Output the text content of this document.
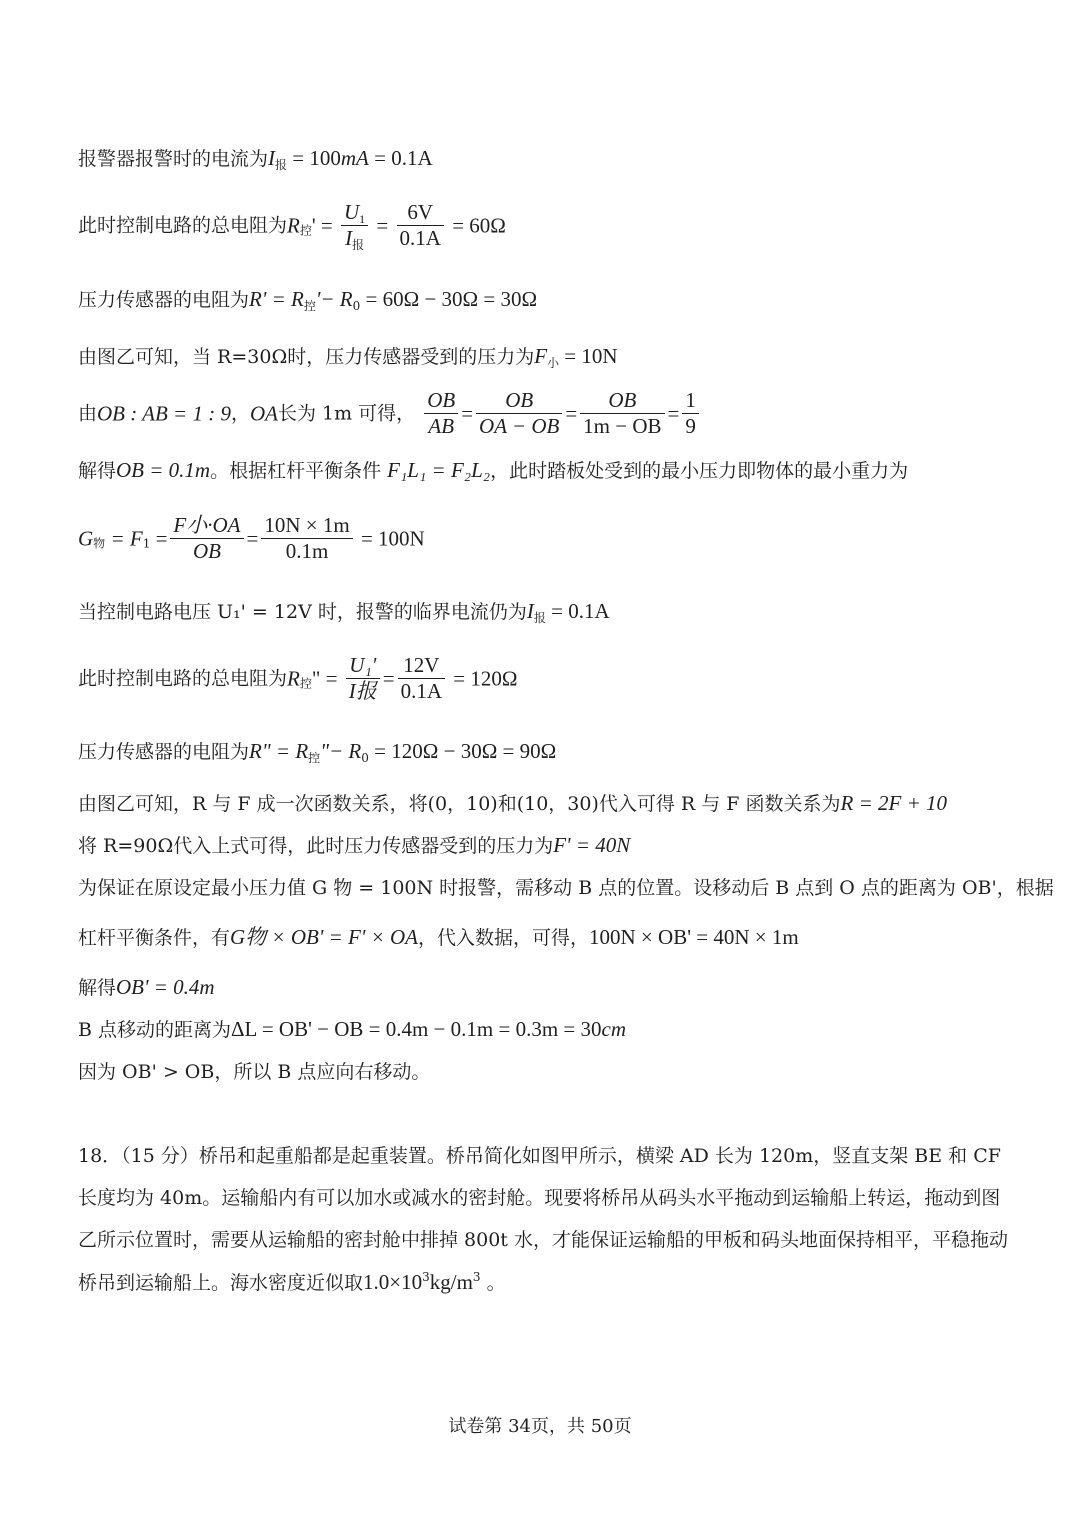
报警器报警时的电流为$I_报 = 100mA = 0.1A$
此时控制电路的总电阻为$R_控' = \frac{U_1}{I_报} = \frac{6V}{0.1A} = 60\Omega$
压力传感器的电阻为$R' = R_控'- R_0 = 60\Omega - 30\Omega = 30\Omega$
由图乙可知，当 R=30Ω时，压力传感器受到的压力为$F_小 = 10N$
由OB : AB = 1 : 9，OA长为 1m 可得， $\frac{OB}{AB} = \frac{OB}{OA - OB} = \frac{OB}{1m - OB} = \frac{1}{9}$
解得OB = 0.1m。根据杠杆平衡条件 F₁L₁ = F₂L₂，此时踏板处受到的最小压力即物体的最小重力为
$G_物 = F_1 = \frac{\text{F小·OA}}{OB} = \frac{10N \times 1m}{0.1m} = 100N$
当控制电路电压 U₁' = 12V 时，报警的临界电流仍为$I_报 = 0.1A$
此时控制电路的总电阻为$R_控$" = $\frac{\text{U₁'}}{\text{I报}} = \frac{12V}{0.1A} = 120\Omega$
压力传感器的电阻为R" = $R_控"- R_0 = 120\Omega - 30\Omega = 90\Omega$
由图乙可知，R 与 F 成一次函数关系，将(0，10)和(10，30)代入可得 R 与 F 函数关系为R = 2F + 10
将 R=90Ω代入上式可得，此时压力传感器受到的压力为F' = 40N
为保证在原设定最小压力值 G 物 = 100N 时报警，需移动 B 点的位置。设移动后 B 点到 O 点的距离为 OB'，根据
杠杆平衡条件，有G物 × OB' = F' × OA，代入数据，可得，100N × OB' = 40N × 1m
解得OB' = 0.4m
B 点移动的距离为ΔL = OB' − OB = 0.4m − 0.1m = 0.3m = 30cm
因为 OB' > OB，所以 B 点应向右移动。
18．（15 分）桥吊和起重船都是起重装置。桥吊简化如图甲所示，横梁 AD 长为 120m，竖直支架 BE 和 CF 长度均为 40m。运输船内有可以加水或减水的密封舱。现要将桥吊从码头水平拖动到运输船上转运，拖动到图乙所示位置时，需要从运输船的密封舱中排掉 800t 水，才能保证运输船的甲板和码头地面保持相平，平稳拖动桥吊到运输船上。海水密度近似取$1.0\times 10^3kg/m^3$ 。
试卷第 34页，共 50页
